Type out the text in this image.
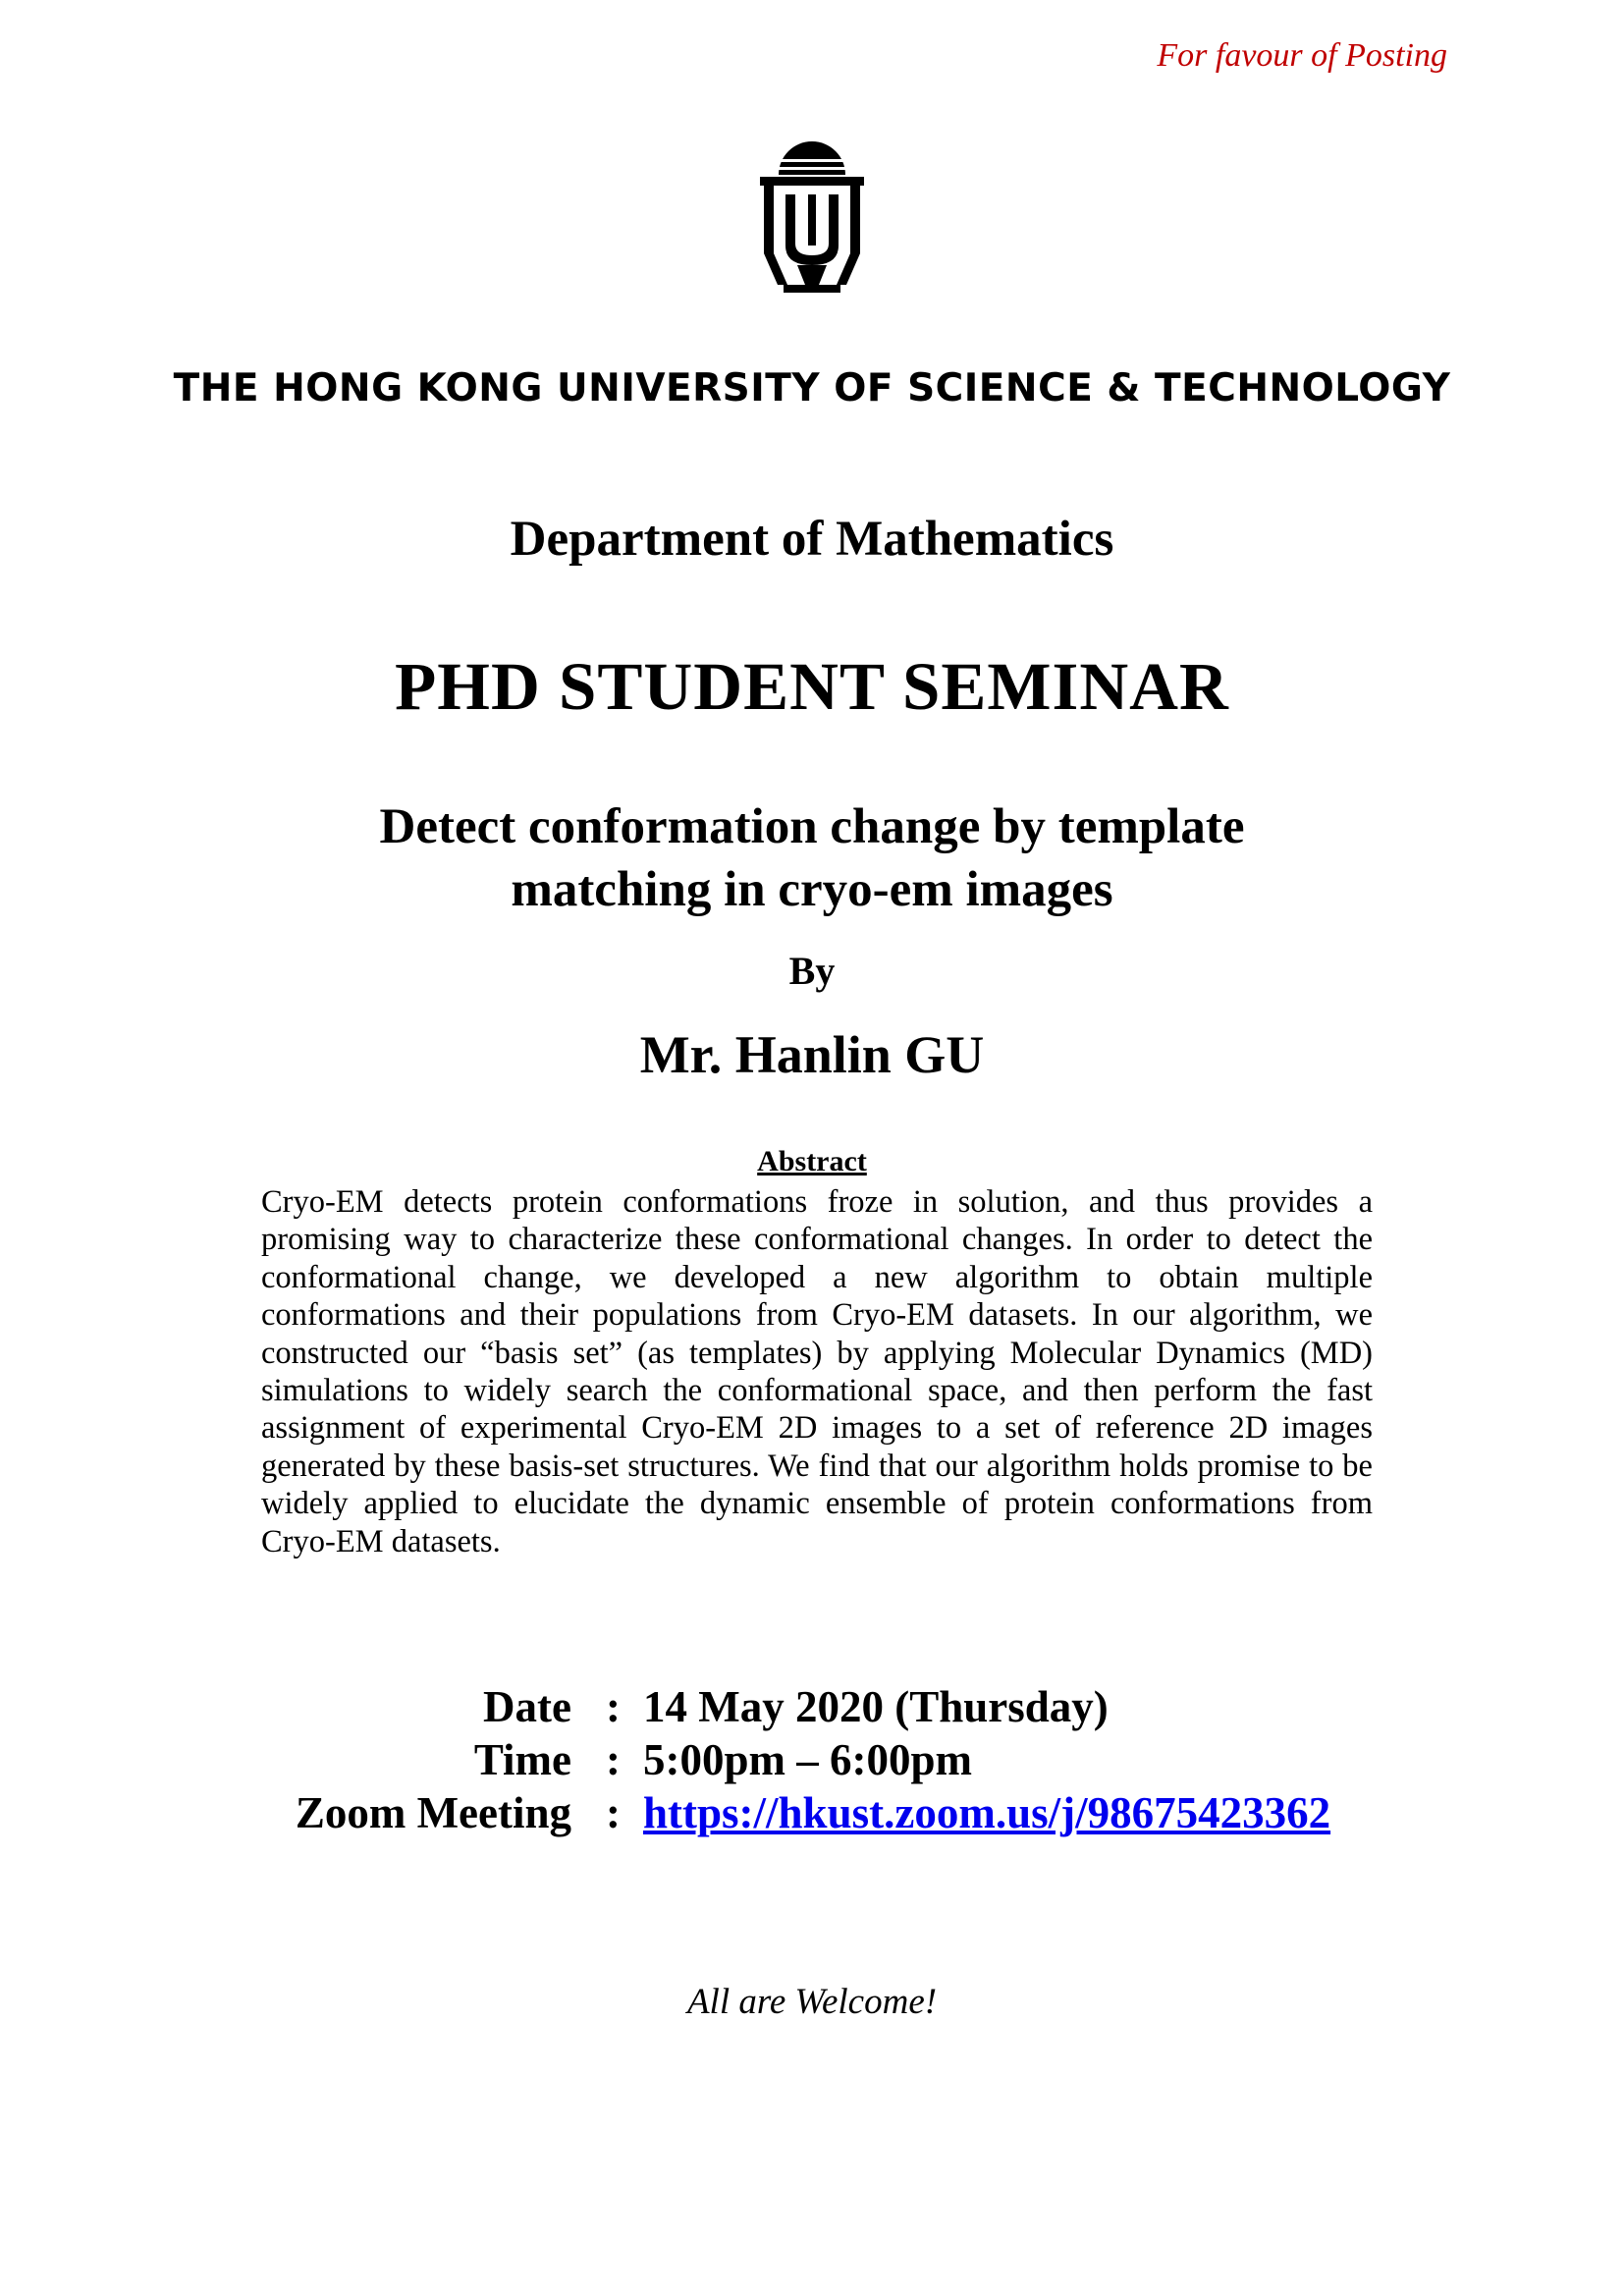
For favour of Posting
THE HONG KONG UNIVERSITY OF SCIENCE & TECHNOLOGY
Department of Mathematics
PHD STUDENT SEMINAR
Detect conformation change by template
matching in cryo-em images
By
Mr. Hanlin GU
Abstract
Cryo-EM detects protein conformations froze in solution, and thus provides a promising way to characterize these conformational changes. In order to detect the conformational change, we developed a new algorithm to obtain multiple conformations and their populations from Cryo-EM datasets. In our algorithm, we constructed our “basis set” (as templates) by applying Molecular Dynamics (MD) simulations to widely search the conformational space, and then perform the fast assignment of experimental Cryo-EM 2D images to a set of reference 2D images generated by these basis-set structures. We find that our algorithm holds promise to be widely applied to elucidate the dynamic ensemble of protein conformations from Cryo-EM datasets.
Date : 14 May 2020 (Thursday)
Time : 5:00pm – 6:00pm
Zoom Meeting : https://hkust.zoom.us/j/98675423362
All are Welcome!
